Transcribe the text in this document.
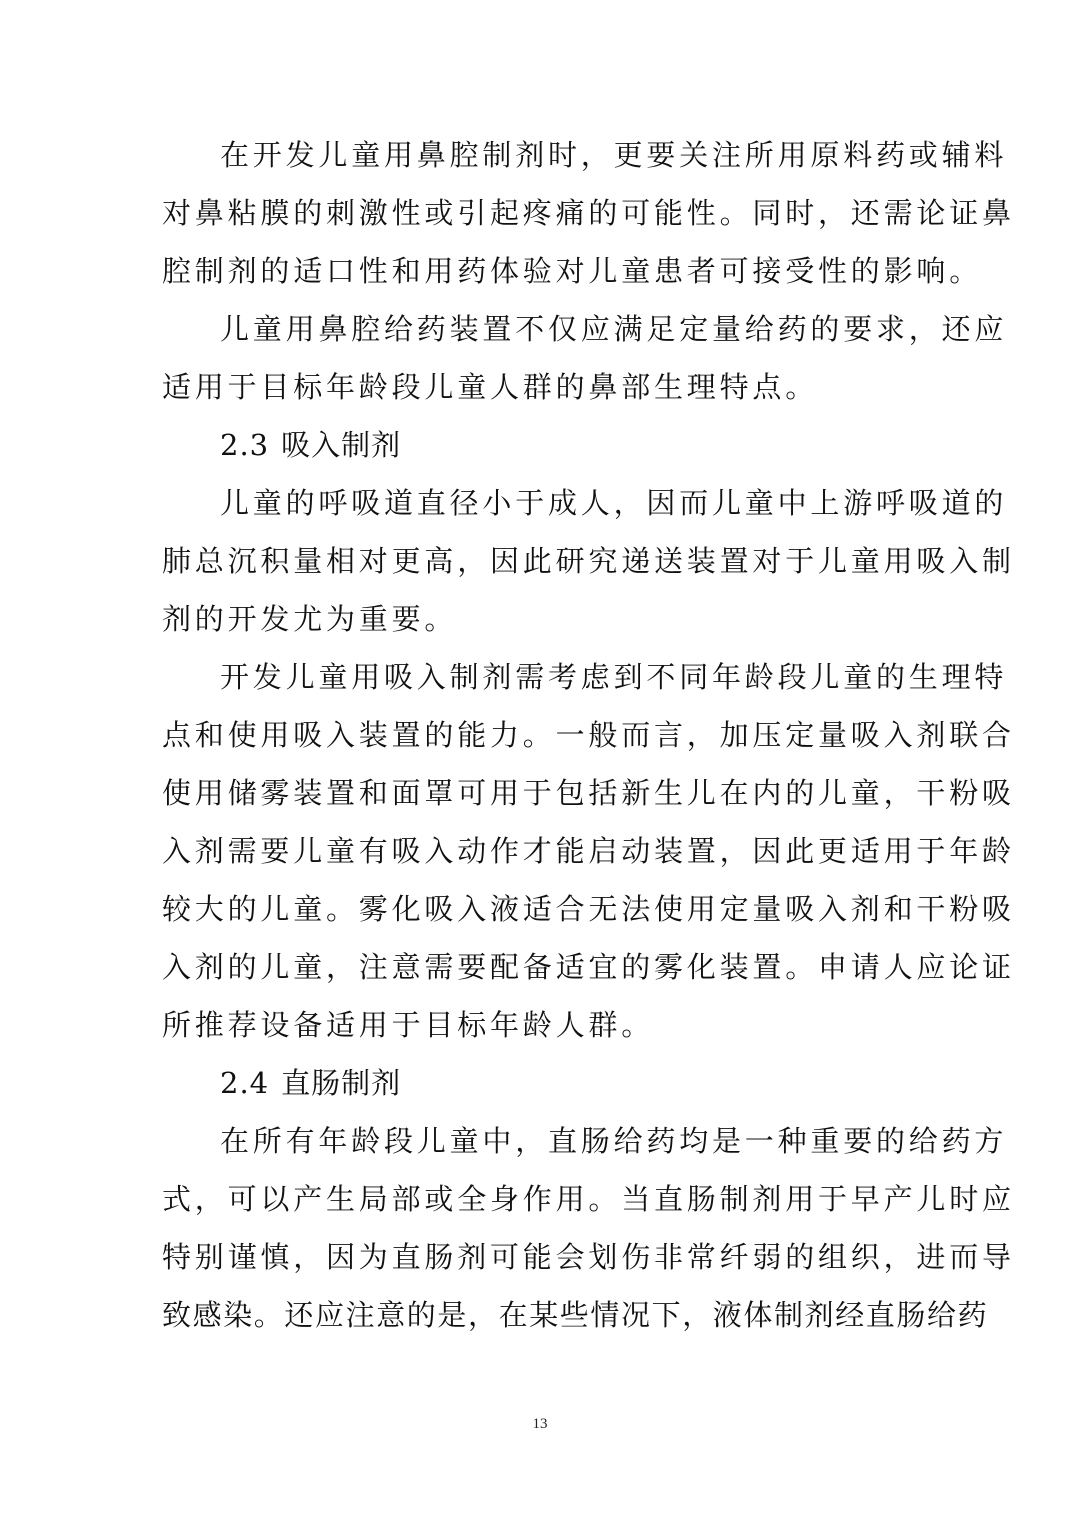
在开发儿童用鼻腔制剂时，更要关注所用原料药或辅料
对鼻粘膜的刺激性或引起疼痛的可能性。同时，还需论证鼻
腔制剂的适口性和用药体验对儿童患者可接受性的影响。
儿童用鼻腔给药装置不仅应满足定量给药的要求，还应
适用于目标年龄段儿童人群的鼻部生理特点。
2.3 吸入制剂
儿童的呼吸道直径小于成人，因而儿童中上游呼吸道的
肺总沉积量相对更高，因此研究递送装置对于儿童用吸入制
剂的开发尤为重要。
开发儿童用吸入制剂需考虑到不同年龄段儿童的生理特
点和使用吸入装置的能力。一般而言，加压定量吸入剂联合
使用储雾装置和面罩可用于包括新生儿在内的儿童，干粉吸
入剂需要儿童有吸入动作才能启动装置，因此更适用于年龄
较大的儿童。雾化吸入液适合无法使用定量吸入剂和干粉吸
入剂的儿童，注意需要配备适宜的雾化装置。申请人应论证
所推荐设备适用于目标年龄人群。
2.4 直肠制剂
在所有年龄段儿童中，直肠给药均是一种重要的给药方
式，可以产生局部或全身作用。当直肠制剂用于早产儿时应
特别谨慎，因为直肠剂可能会划伤非常纤弱的组织，进而导
致感染。还应注意的是，在某些情况下，液体制剂经直肠给药
13
